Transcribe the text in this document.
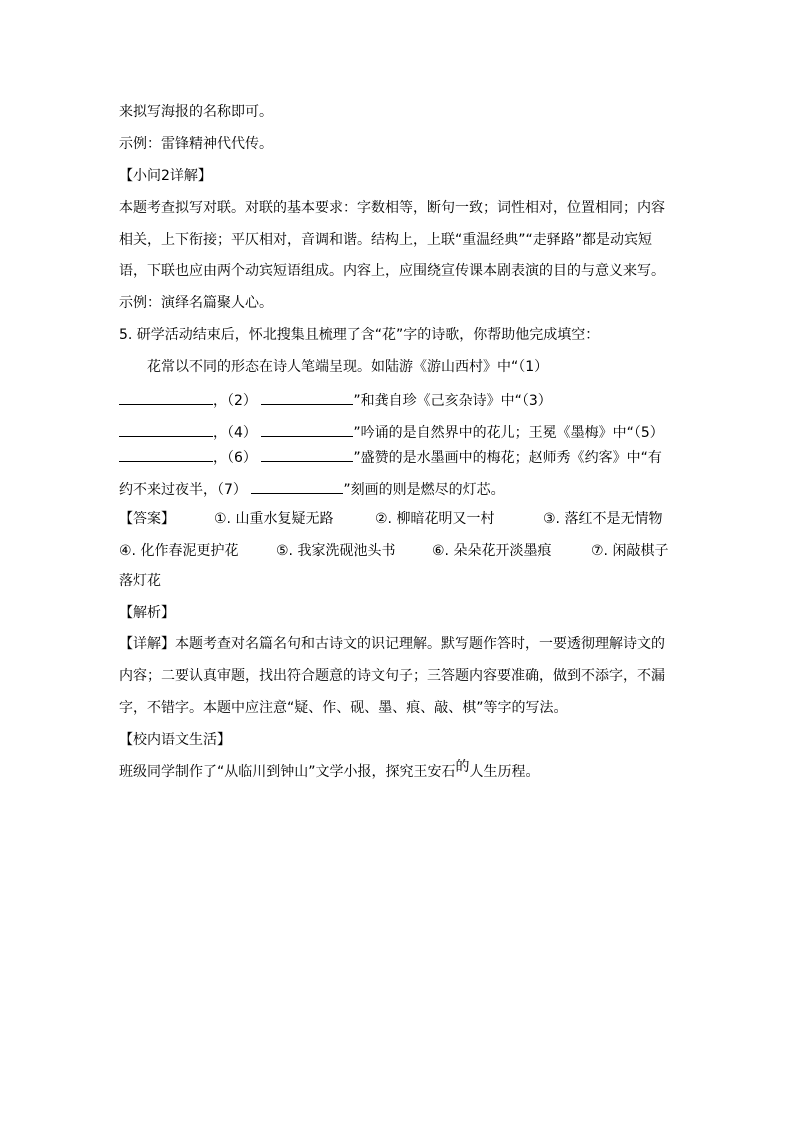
来拟写海报的名称即可。
示例：雷锋精神代代传。
【小问2详解】
本题考查拟写对联。对联的基本要求：字数相等，断句一致；词性相对，位置相同；内容
相关，上下衔接；平仄相对，音调和谐。结构上，上联“重温经典”“走驿路”都是动宾短
语，下联也应由两个动宾短语组成。内容上，应围绕宣传课本剧表演的目的与意义来写。
示例：演绎名篇聚人心。
5. 研学活动结束后，怀北搜集且梳理了含“花”字的诗歌，你帮助他完成填空：
花常以不同的形态在诗人笔端呈现。如陆游《游山西村》中“（1）
，（2）	”和龚自珍《己亥杂诗》中“（3）
，（4）	”吟诵的是自然界中的花儿；王冕《墨梅》中“（5）
，（6）	”盛赞的是水墨画中的梅花；赵师秀《约客》中“有
约不来过夜半，（7）	”刻画的则是燃尽的灯芯。
【答案】	①. 山重水复疑无路	②. 柳暗花明又一村	③. 落红不是无情物
④. 化作春泥更护花	⑤. 我家洗砚池头书	⑥. 朵朵花开淡墨痕	⑦. 闲敲棋子
落灯花
【解析】
【详解】本题考查对名篇名句和古诗文的识记理解。默写题作答时，一要透彻理解诗文的
内容；二要认真审题，找出符合题意的诗文句子；三答题内容要准确，做到不添字，不漏
字，不错字。本题中应注意“疑、作、砚、墨、痕、敲、棋”等字的写法。
【校内语文生活】
班级同学制作了“从临川到钟山”文学小报，探究王安石的人生历程。
